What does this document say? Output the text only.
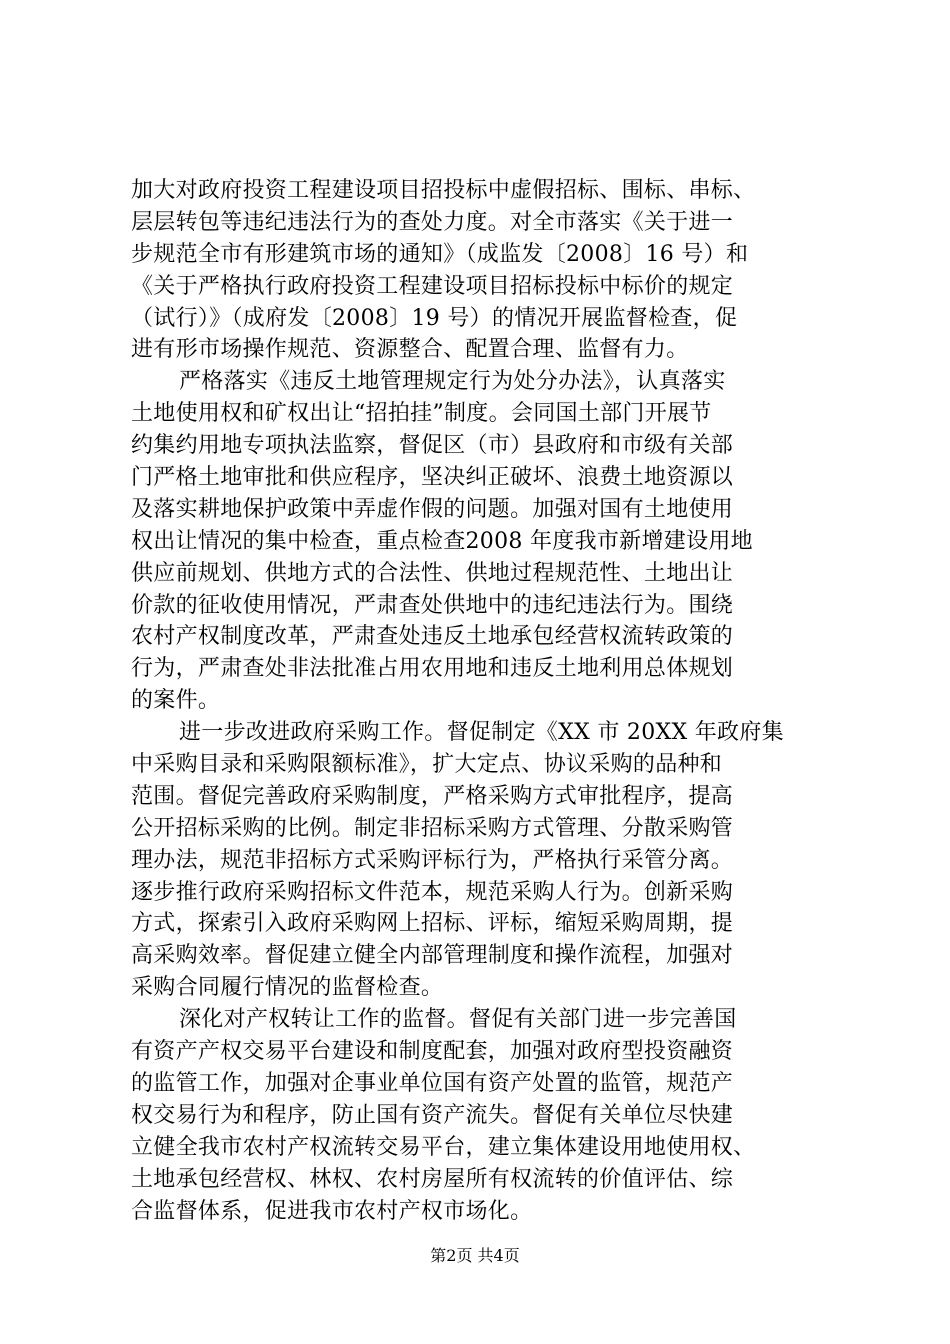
加大对政府投资工程建设项目招投标中虚假招标、围标、串标、
层层转包等违纪违法行为的查处力度。对全市落实《关于进一
步规范全市有形建筑市场的通知》（成监发〔2008〕16 号）和
《关于严格执行政府投资工程建设项目招标投标中标价的规定
（试行）》（成府发〔2008〕19 号）的情况开展监督检查，促
进有形市场操作规范、资源整合、配置合理、监督有力。
严格落实《违反土地管理规定行为处分办法》，认真落实
土地使用权和矿权出让“招拍挂”制度。会同国土部门开展节
约集约用地专项执法监察，督促区（市）县政府和市级有关部
门严格土地审批和供应程序，坚决纠正破坏、浪费土地资源以
及落实耕地保护政策中弄虚作假的问题。加强对国有土地使用
权出让情况的集中检查，重点检查2008 年度我市新增建设用地
供应前规划、供地方式的合法性、供地过程规范性、土地出让
价款的征收使用情况，严肃查处供地中的违纪违法行为。围绕
农村产权制度改革，严肃查处违反土地承包经营权流转政策的
行为，严肃查处非法批准占用农用地和违反土地利用总体规划
的案件。
进一步改进政府采购工作。督促制定《XX 市 20XX 年政府集
中采购目录和采购限额标准》，扩大定点、协议采购的品种和
范围。督促完善政府采购制度，严格采购方式审批程序，提高
公开招标采购的比例。制定非招标采购方式管理、分散采购管
理办法，规范非招标方式采购评标行为，严格执行采管分离。
逐步推行政府采购招标文件范本，规范采购人行为。创新采购
方式，探索引入政府采购网上招标、评标，缩短采购周期，提
高采购效率。督促建立健全内部管理制度和操作流程，加强对
采购合同履行情况的监督检查。
深化对产权转让工作的监督。督促有关部门进一步完善国
有资产产权交易平台建设和制度配套，加强对政府型投资融资
的监管工作，加强对企事业单位国有资产处置的监管，规范产
权交易行为和程序，防止国有资产流失。督促有关单位尽快建
立健全我市农村产权流转交易平台，建立集体建设用地使用权、
土地承包经营权、林权、农村房屋所有权流转的价值评估、综
合监督体系，促进我市农村产权市场化。
第2页 共4页
